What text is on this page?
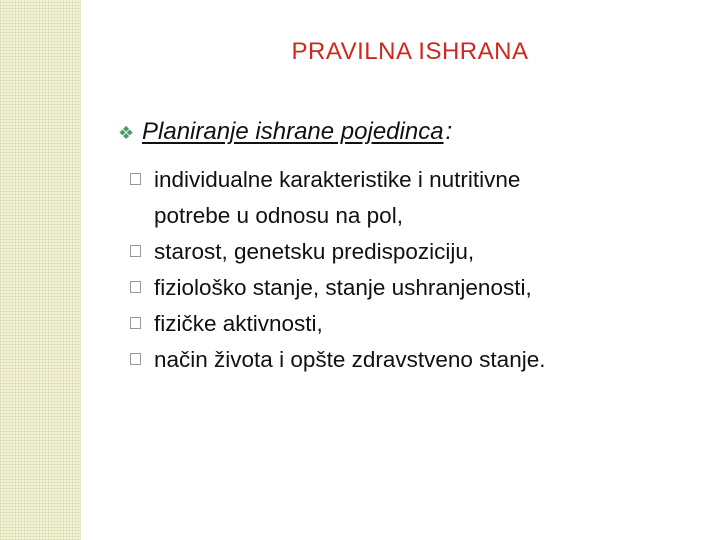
PRAVILNA ISHRANA
❖ Planiranje ishrane pojedinca :
individualne karakteristike i nutritivne
potrebe u odnosu na pol,
starost, genetsku predispoziciju,
fiziološko stanje, stanje ushranjenosti,
fizičke aktivnosti,
način života i opšte zdravstveno stanje.
